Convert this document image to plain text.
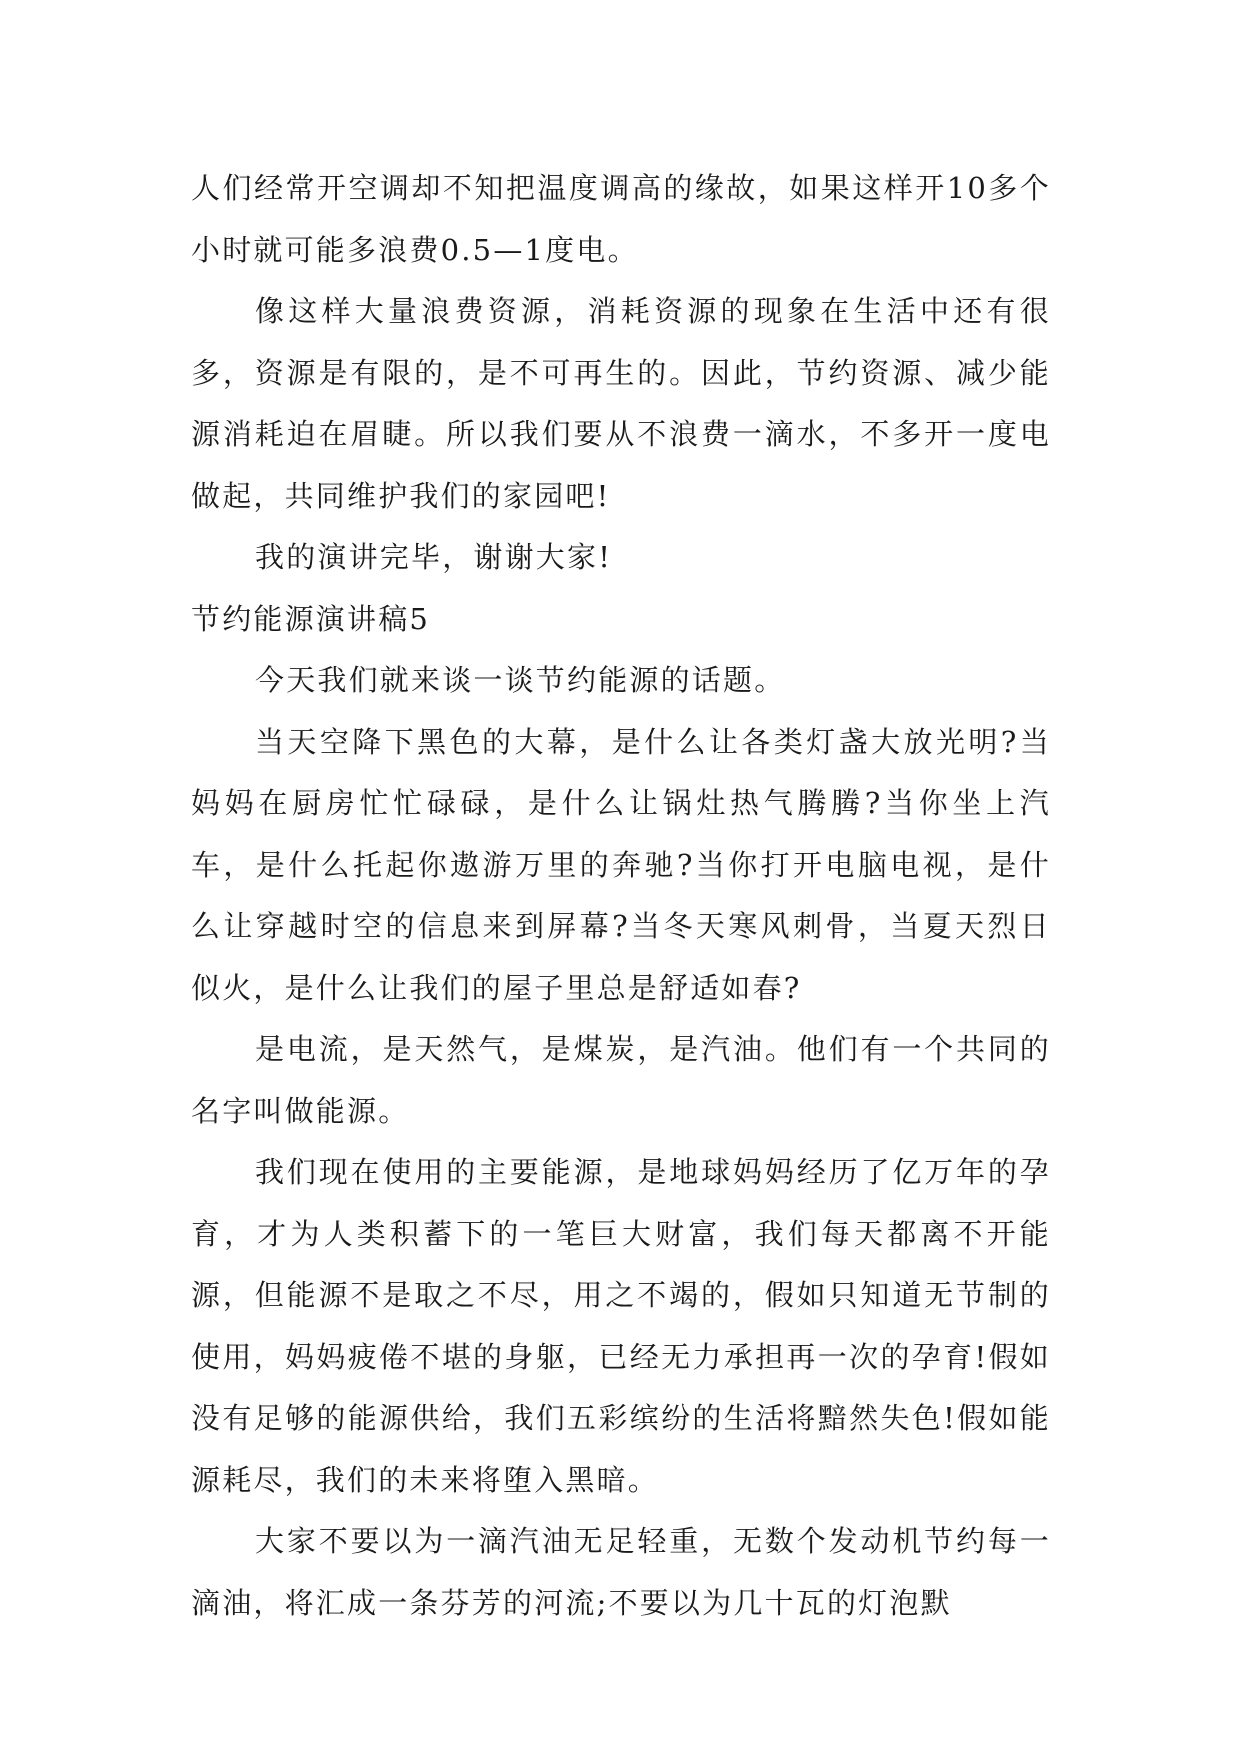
人们经常开空调却不知把温度调高的缘故，如果这样开10多个小时就可能多浪费0.5—1度电。

像这样大量浪费资源，消耗资源的现象在生活中还有很多，资源是有限的，是不可再生的。因此，节约资源、减少能源消耗迫在眉睫。所以我们要从不浪费一滴水，不多开一度电做起，共同维护我们的家园吧!

我的演讲完毕，谢谢大家!

节约能源演讲稿5

今天我们就来谈一谈节约能源的话题。

当天空降下黑色的大幕，是什么让各类灯盏大放光明?当妈妈在厨房忙忙碌碌，是什么让锅灶热气腾腾?当你坐上汽车，是什么托起你遨游万里的奔驰?当你打开电脑电视，是什么让穿越时空的信息来到屏幕?当冬天寒风刺骨，当夏天烈日似火，是什么让我们的屋子里总是舒适如春?

是电流，是天然气，是煤炭，是汽油。他们有一个共同的名字叫做能源。

我们现在使用的主要能源，是地球妈妈经历了亿万年的孕育，才为人类积蓄下的一笔巨大财富，我们每天都离不开能源，但能源不是取之不尽，用之不竭的，假如只知道无节制的使用，妈妈疲倦不堪的身躯，已经无力承担再一次的孕育!假如没有足够的能源供给，我们五彩缤纷的生活将黯然失色!假如能源耗尽，我们的未来将堕入黑暗。

大家不要以为一滴汽油无足轻重，无数个发动机节约每一滴油，将汇成一条芬芳的河流;不要以为几十瓦的灯泡默
